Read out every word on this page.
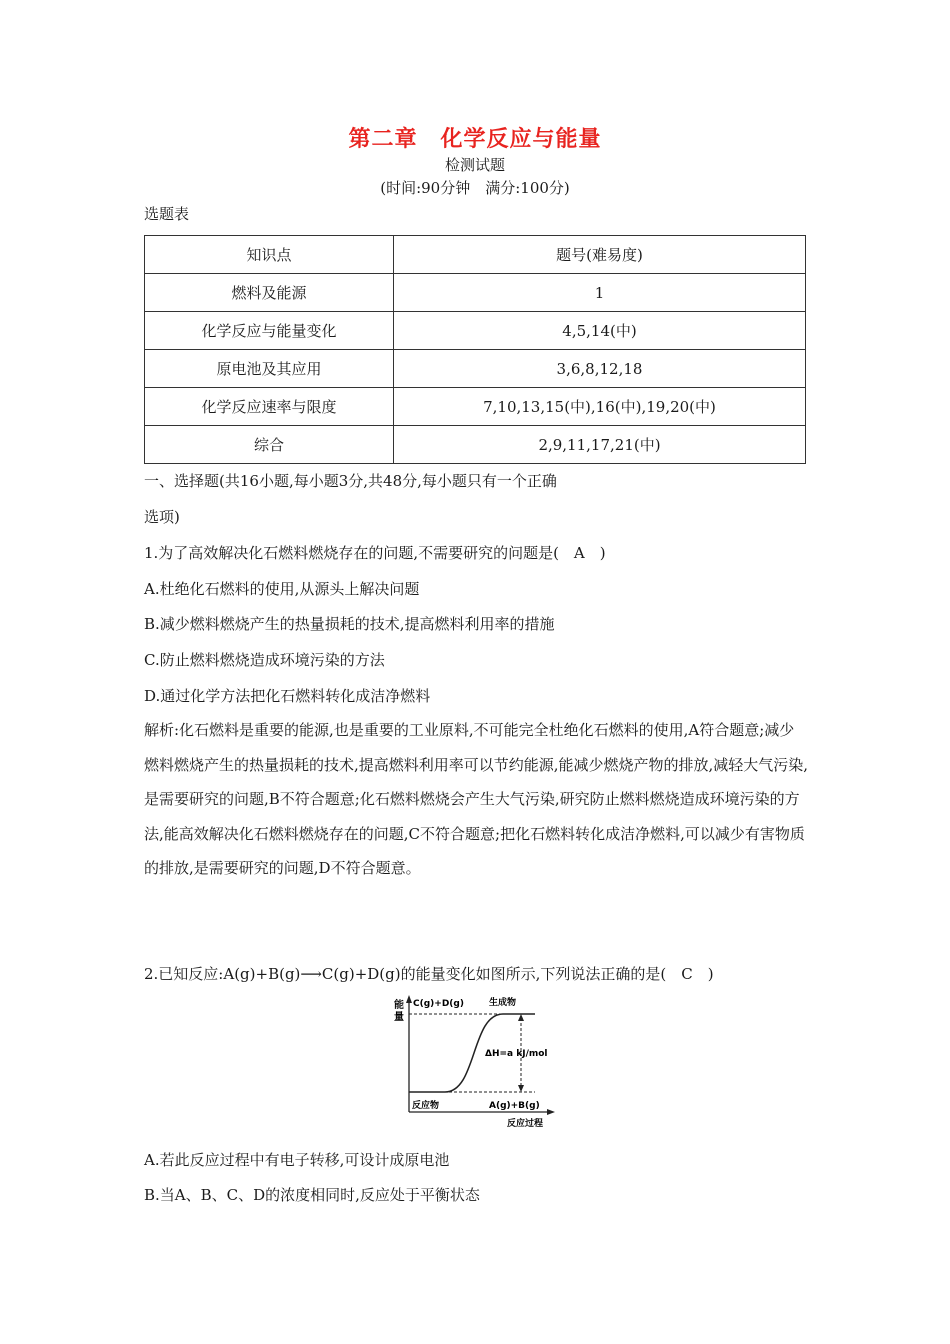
第二章　化学反应与能量
检测试题
(时间:90分钟　满分:100分)
选题表
知识点	题号(难易度)
燃料及能源	1
化学反应与能量变化	4,5,14(中)
原电池及其应用	3,6,8,12,18
化学反应速率与限度	7,10,13,15(中),16(中),19,20(中)
综合	2,9,11,17,21(中)
一、选择题(共16小题,每小题3分,共48分,每小题只有一个正确
选项)
1.为了高效解决化石燃料燃烧存在的问题,不需要研究的问题是(　A　)
A.杜绝化石燃料的使用,从源头上解决问题
B.减少燃料燃烧产生的热量损耗的技术,提高燃料利用率的措施
C.防止燃料燃烧造成环境污染的方法
D.通过化学方法把化石燃料转化成洁净燃料
解析:化石燃料是重要的能源,也是重要的工业原料,不可能完全杜绝化石燃料的使用,A符合题意;减少燃料燃烧产生的热量损耗的技术,提高燃料利用率可以节约能源,能减少燃烧产物的排放,减轻大气污染,是需要研究的问题,B不符合题意;化石燃料燃烧会产生大气污染,研究防止燃料燃烧造成环境污染的方法,能高效解决化石燃料燃烧存在的问题,C不符合题意;把化石燃料转化成洁净燃料,可以减少有害物质的排放,是需要研究的问题,D不符合题意。
2.已知反应:A(g)+B(g)⟶C(g)+D(g)的能量变化如图所示,下列说法正确的是(　C　)
能
量
C(g)+D(g)	生成物
ΔH=a kJ/mol
反应物	A(g)+B(g)
反应过程
A.若此反应过程中有电子转移,可设计成原电池
B.当A、B、C、D的浓度相同时,反应处于平衡状态
